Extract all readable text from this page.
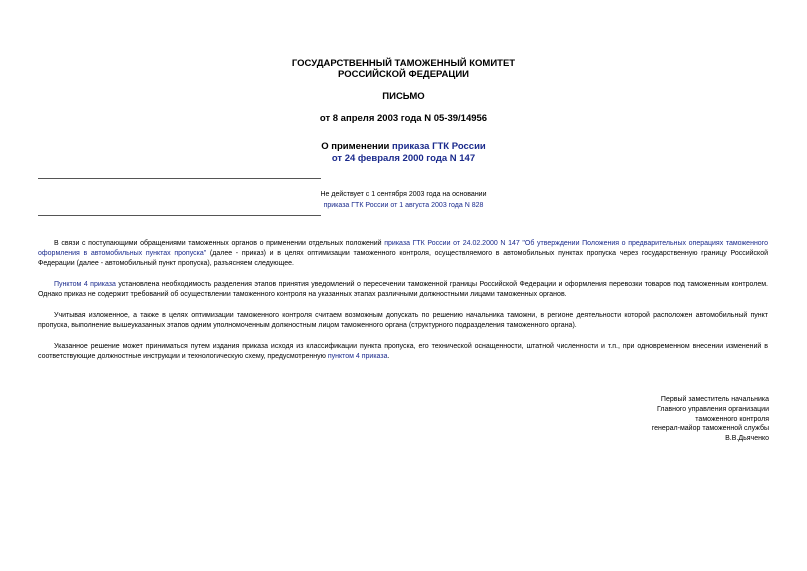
ГОСУДАРСТВЕННЫЙ ТАМОЖЕННЫЙ КОМИТЕТ
РОССИЙСКОЙ ФЕДЕРАЦИИ
ПИСЬМО
от 8 апреля 2003 года N 05-39/14956
О применении приказа ГТК России
от 24 февраля 2000 года N 147
Не действует с 1 сентября 2003 года на основании
приказа ГТК России от 1 августа 2003 года N 828
В связи с поступающими обращениями таможенных органов о применении отдельных положений приказа ГТК России от 24.02.2000 N 147 "Об утверждении Положения о предварительных операциях таможенного оформления в автомобильных пунктах пропуска" (далее - приказ) и в целях оптимизации таможенного контроля, осуществляемого в автомобильных пунктах пропуска через государственную границу Российской Федерации (далее - автомобильный пункт пропуска), разъясняем следующее.
Пунктом 4 приказа установлена необходимость разделения этапов принятия уведомлений о пересечении таможенной границы Российской Федерации и оформления перевозки товаров под таможенным контролем. Однако приказ не содержит требований об осуществлении таможенного контроля на указанных этапах различными должностными лицами таможенных органов.
Учитывая изложенное, а также в целях оптимизации таможенного контроля считаем возможным допускать по решению начальника таможни, в регионе деятельности которой расположен автомобильный пункт пропуска, выполнение вышеуказанных этапов одним уполномоченным должностным лицом таможенного органа (структурного подразделения таможенного органа).
Указанное решение может приниматься путем издания приказа исходя из классификации пункта пропуска, его технической оснащенности, штатной численности и т.п., при одновременном внесении изменений в соответствующие должностные инструкции и технологическую схему, предусмотренную пунктом 4 приказа.
Первый заместитель начальника
Главного управления организации
таможенного контроля
генерал-майор таможенной службы
В.В.Дьяченко
